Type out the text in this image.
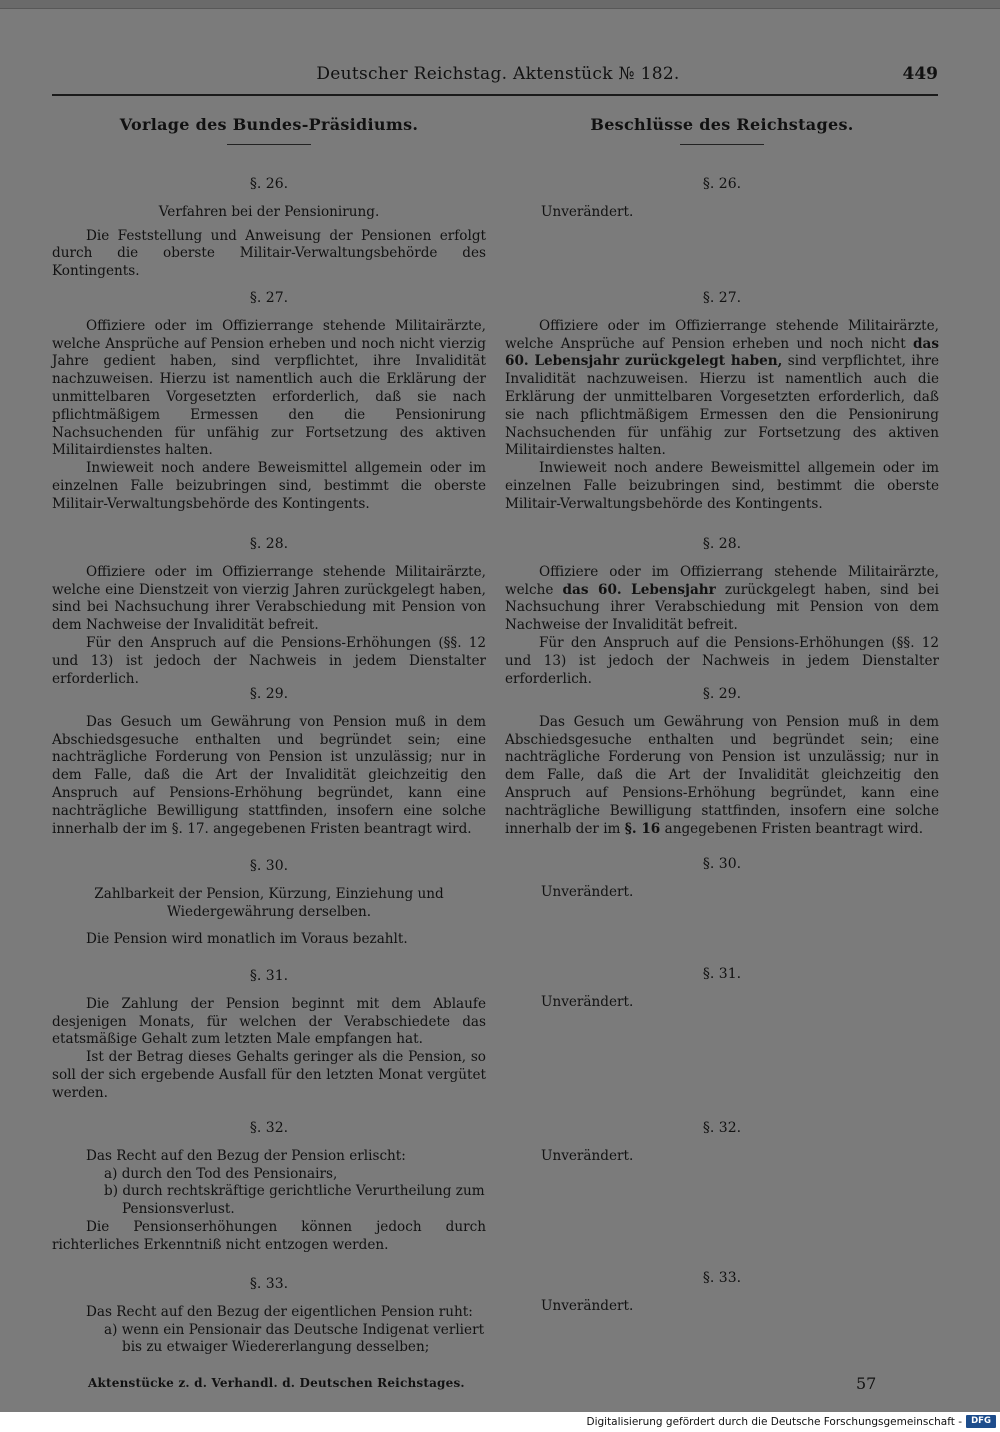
Deutscher Reichstag. Aktenstück № 182.	449
Vorlage des Bundes-Präsidiums.
§. 26.
Verfahren bei der Pensionirung.

Die Feststellung und Anweisung der Pensionen erfolgt durch die oberste Militair-Verwaltungsbehörde des Kontingents.

§. 27.

Offiziere oder im Offizierrange stehende Militairärzte, welche Ansprüche auf Pension erheben und noch nicht vierzig Jahre gedient haben, sind verpflichtet, ihre Invalidität nachzuweisen. Hierzu ist namentlich auch die Erklärung der unmittelbaren Vorgesetzten erforderlich, daß sie nach pflichtmäßigem Ermessen den die Pensionirung Nachsuchenden für unfähig zur Fortsetzung des aktiven Militairdienstes halten.

Inwieweit noch andere Beweismittel allgemein oder im einzelnen Falle beizubringen sind, bestimmt die oberste Militair-Verwaltungsbehörde des Kontingents.

§. 28.

Offiziere oder im Offizierrange stehende Militairärzte, welche eine Dienstzeit von vierzig Jahren zurückgelegt haben, sind bei Nachsuchung ihrer Verabschiedung mit Pension von dem Nachweise der Invalidität befreit.

Für den Anspruch auf die Pensions-Erhöhungen (§§. 12 und 13) ist jedoch der Nachweis in jedem Dienstalter erforderlich.

§. 29.

Das Gesuch um Gewährung von Pension muß in dem Abschiedsgesuche enthalten und begründet sein; eine nachträgliche Forderung von Pension ist unzulässig; nur in dem Falle, daß die Art der Invalidität gleichzeitig den Anspruch auf Pensions-Erhöhung begründet, kann eine nachträgliche Bewilligung stattfinden, insofern eine solche innerhalb der im §. 17. angegebenen Fristen beantragt wird.

§. 30.
Zahlbarkeit der Pension, Kürzung, Einziehung und Wiedergewährung derselben.

Die Pension wird monatlich im Voraus bezahlt.

§. 31.

Die Zahlung der Pension beginnt mit dem Ablaufe desjenigen Monats, für welchen der Verabschiedete das etatsmäßige Gehalt zum letzten Male empfangen hat.

Ist der Betrag dieses Gehalts geringer als die Pension, so soll der sich ergebende Ausfall für den letzten Monat vergütet werden.

§. 32.

Das Recht auf den Bezug der Pension erlischt:

a) durch den Tod des Pensionairs,

b) durch rechtskräftige gerichtliche Verurtheilung zum Pensionsverlust.

Die Pensionserhöhungen können jedoch durch richterliches Erkenntniß nicht entzogen werden.

§. 33.

Das Recht auf den Bezug der eigentlichen Pension ruht:

a) wenn ein Pensionair das Deutsche Indigenat verliert bis zu etwaiger Wiedererlangung desselben;

Beschlüsse des Reichstages.
§. 26.
Unverändert.
§. 27.

Offiziere oder im Offizierrange stehende Militairärzte, welche Ansprüche auf Pension erheben und noch nicht das 60. Lebensjahr zurückgelegt haben, sind verpflichtet, ihre Invalidität nachzuweisen. Hierzu ist namentlich auch die Erklärung der unmittelbaren Vorgesetzten erforderlich, daß sie nach pflichtmäßigem Ermessen den die Pensionirung Nachsuchenden für unfähig zur Fortsetzung des aktiven Militairdienstes halten.

Inwieweit noch andere Beweismittel allgemein oder im einzelnen Falle beizubringen sind, bestimmt die oberste Militair-Verwaltungsbehörde des Kontingents.

§. 28.

Offiziere oder im Offizierrang stehende Militairärzte, welche das 60. Lebensjahr zurückgelegt haben, sind bei Nachsuchung ihrer Verabschiedung mit Pension von dem Nachweise der Invalidität befreit.

Für den Anspruch auf die Pensions-Erhöhungen (§§. 12 und 13) ist jedoch der Nachweis in jedem Dienstalter erforderlich.

§. 29.

Das Gesuch um Gewährung von Pension muß in dem Abschiedsgesuche enthalten und begründet sein; eine nachträgliche Forderung von Pension ist unzulässig; nur in dem Falle, daß die Art der Invalidität gleichzeitig den Anspruch auf Pensions-Erhöhung begründet, kann eine nachträgliche Bewilligung stattfinden, insofern eine solche innerhalb der im §. 16 angegebenen Fristen beantragt wird.

§. 30.
Unverändert.
§. 31.
Unverändert.
§. 32.
Unverändert.
§. 33.
Unverändert.
Aktenstücke z. d. Verhandl. d. Deutschen Reichstages.	57
Digitalisierung gefördert durch die Deutsche Forschungsgemeinschaft -	DFG
